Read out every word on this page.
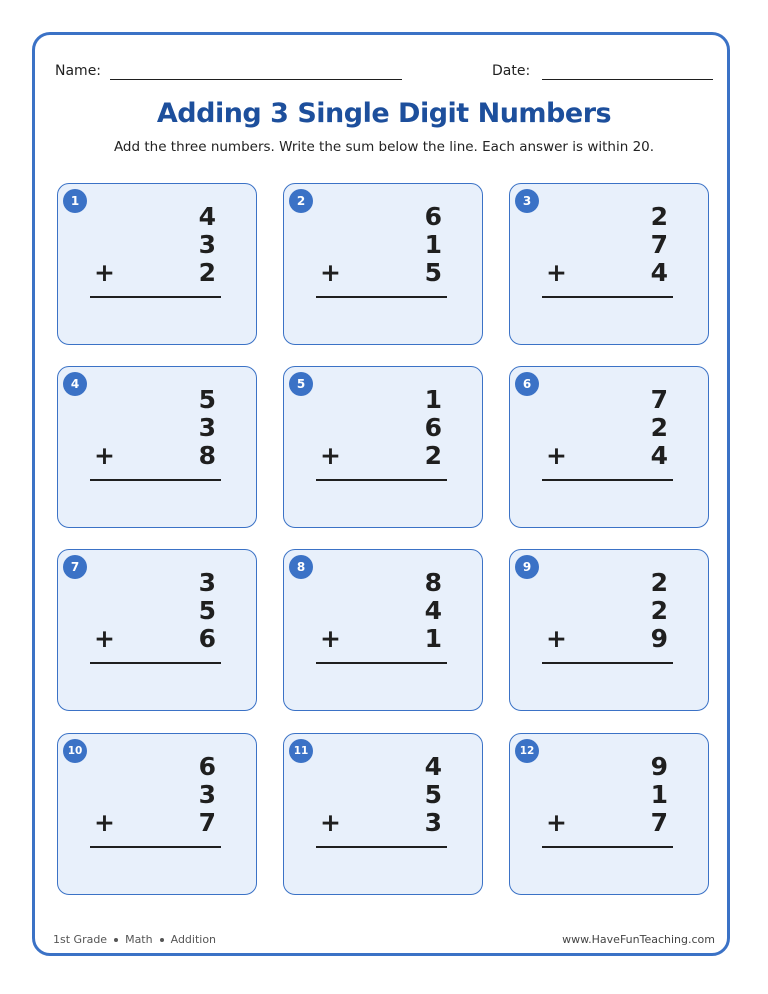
Name:	Date:
Adding 3 Single Digit Numbers
Add the three numbers. Write the sum below the line. Each answer is within 20.
1
4
3
2
+
2
6
1
5
+
3
2
7
4
+
4
5
3
8
+
5
1
6
2
+
6
7
2
4
+
7
3
5
6
+
8
8
4
1
+
9
2
2
9
+
10
6
3
7
+
11
4
5
3
+
12
9
1
7
+
1st Grade Math Addition	www.HaveFunTeaching.com
